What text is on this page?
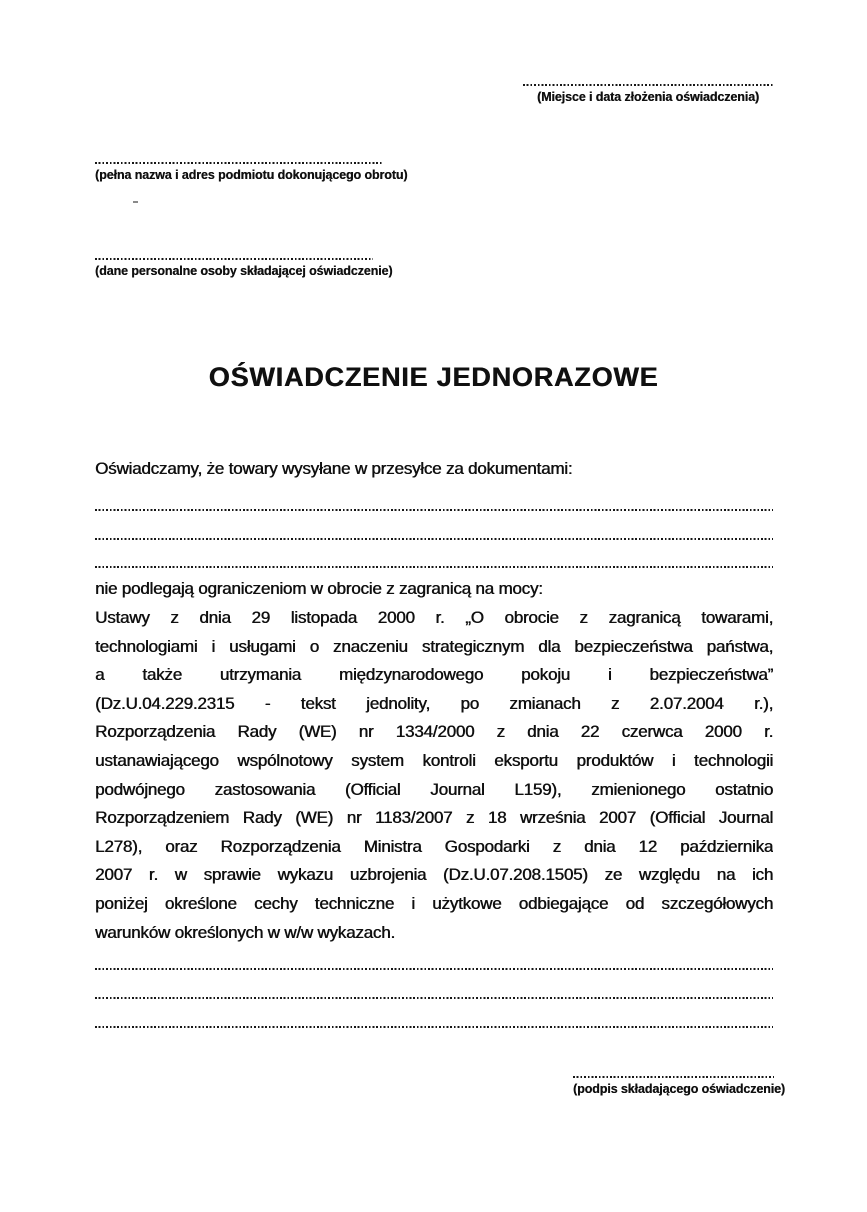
(Miejsce i data złożenia oświadczenia)
(pełna nazwa i adres podmiotu dokonującego obrotu)
(dane personalne osoby składającej oświadczenie)
OŚWIADCZENIE JEDNORAZOWE
Oświadczamy, że towary wysyłane w przesyłce za dokumentami:
nie podlegają ograniczeniom w obrocie z zagranicą na mocy:
Ustawy z dnia 29 listopada 2000 r. „O obrocie z zagranicą towarami,
technologiami i usługami o znaczeniu strategicznym dla bezpieczeństwa państwa,
a także utrzymania międzynarodowego pokoju i bezpieczeństwa”
(Dz.U.04.229.2315 - tekst jednolity, po zmianach z 2.07.2004 r.),
Rozporządzenia Rady (WE) nr 1334/2000 z dnia 22 czerwca 2000 r.
ustanawiającego wspólnotowy system kontroli eksportu produktów i technologii
podwójnego zastosowania (Official Journal L159), zmienionego ostatnio
Rozporządzeniem Rady (WE) nr 1183/2007 z 18 września 2007 (Official Journal
L278), oraz Rozporządzenia Ministra Gospodarki z dnia 12 października
2007 r. w sprawie wykazu uzbrojenia (Dz.U.07.208.1505) ze względu na ich
poniżej określone cechy techniczne i użytkowe odbiegające od szczegółowych
warunków określonych w w/w wykazach.
(podpis składającego oświadczenie)
